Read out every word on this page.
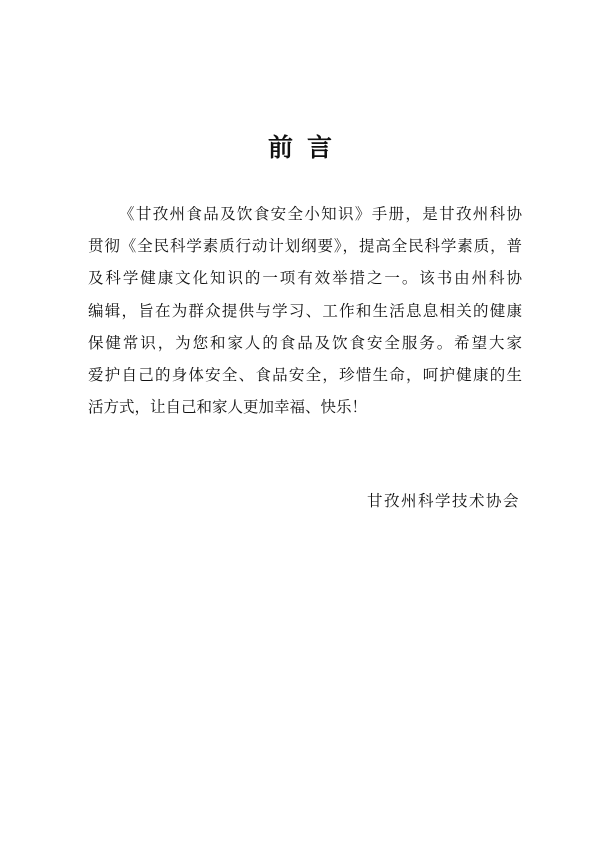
前言
《甘孜州食品及饮食安全小知识》手册，是甘孜州科协
贯彻《全民科学素质行动计划纲要》，提高全民科学素质，普
及科学健康文化知识的一项有效举措之一。该书由州科协
编辑，旨在为群众提供与学习、工作和生活息息相关的健康
保健常识，为您和家人的食品及饮食安全服务。希望大家
爱护自己的身体安全、食品安全，珍惜生命，呵护健康的生
活方式，让自己和家人更加幸福、快乐！
甘孜州科学技术协会
